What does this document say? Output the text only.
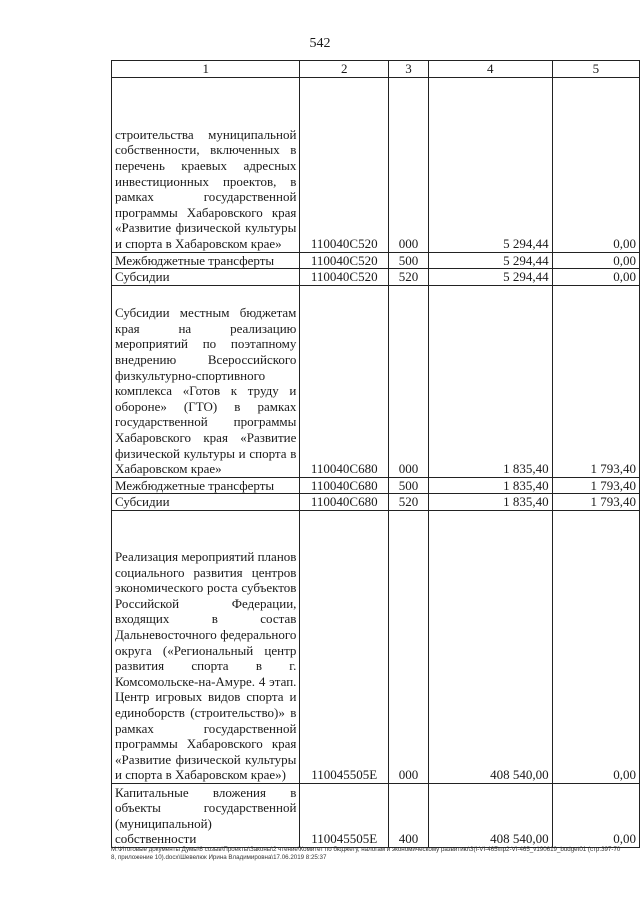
542
1	2	3	4	5
строительства муниципальной собственности, включенных в перечень краевых адресных инвестиционных проектов, в рамках государственной программы Хабаровского края «Развитие физической культуры и спорта в Хабаровском крае»	110040С520	000	5 294,44	0,00
Межбюджетные трансферты	110040С520	500	5 294,44	0,00
Субсидии	110040С520	520	5 294,44	0,00
Субсидии местным бюджетам края на реализацию мероприятий по поэтапному внедрению Всероссийского физкультурно-спортивного комплекса «Готов к труду и обороне» (ГТО) в рамках государственной программы Хабаровского края «Развитие физической культуры и спорта в Хабаровском крае»	110040С680	000	1 835,40	1 793,40
Межбюджетные трансферты	110040С680	500	1 835,40	1 793,40
Субсидии	110040С680	520	1 835,40	1 793,40
Реализация мероприятий планов социального развития центров экономического роста субъектов Российской Федерации, входящих в состав Дальневосточного федерального округа («Региональный центр развития спорта в г. Комсомольске-на-Амуре. 4 этап. Центр игровых видов спорта и единоборств (строительство)» в рамках государственной программы Хабаровского края «Развитие физической культуры и спорта в Хабаровском крае»)	110045505Е	000	408 540,00	0,00
Капитальные вложения в объекты государственной (муниципальной) собственности	110045505Е	400	408 540,00	0,00
М:\Итоговые документы Думы\6 созыв\Проекты\Законы\2 чтение\Комитет по бюджету, налогам и экономическому развитию\3(I-VI-465\пр2-VI-465_v190619_budget01 (стр.397-708, приложение 10).docx\Шевелюк Ирина Владимировна\17.06.2019 8:25:37
